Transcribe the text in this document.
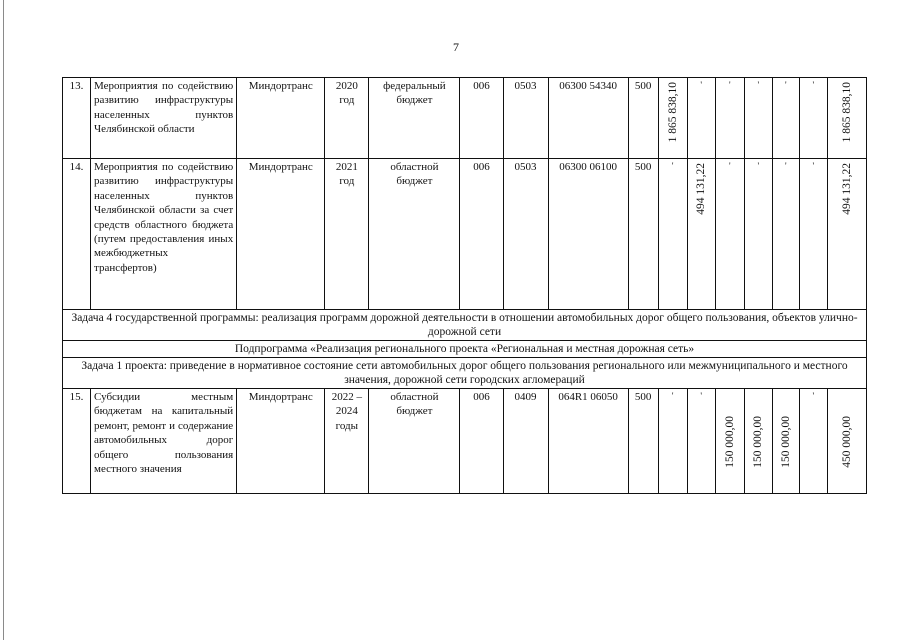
7
13.	Мероприятия по содействию развитию инфраструктуры населенных пунктов Челябинской области	Миндортранс	2020 год	федеральный бюджет	006	0503	06300 54340	500	1 865 838,10	'	'	'	'	'	1 865 838,10

14.	Мероприятия по содействию развитию инфраструктуры населенных пунктов Челябинской области за счет средств областного бюджета (путем предоставления иных межбюджетных трансфертов)	Миндортранс	2021 год	областной бюджет	006	0503	06300 06100	500	'	494 131,22	'	'	'	'	494 131,22

Задача 4 государственной программы: реализация программ дорожной деятельности в отношении автомобильных дорог общего пользования, объектов улично-дорожной сети															
Подпрограмма «Реализация регионального проекта «Региональная и местная дорожная сеть»															
Задача 1 проекта: приведение в нормативное состояние сети автомобильных дорог общего пользования регионального или межмуниципального и местного значения, дорожной сети городских агломераций															
15.	Субсидии местным бюджетам на капитальный ремонт, ремонт и содержание автомобильных дорог общего пользования местного значения	Миндортранс	2022 – 2024 годы	областной бюджет	006	0409	064R1 06050	500	'	'	150 000,00	150 000,00	150 000,00	'	450 000,00
